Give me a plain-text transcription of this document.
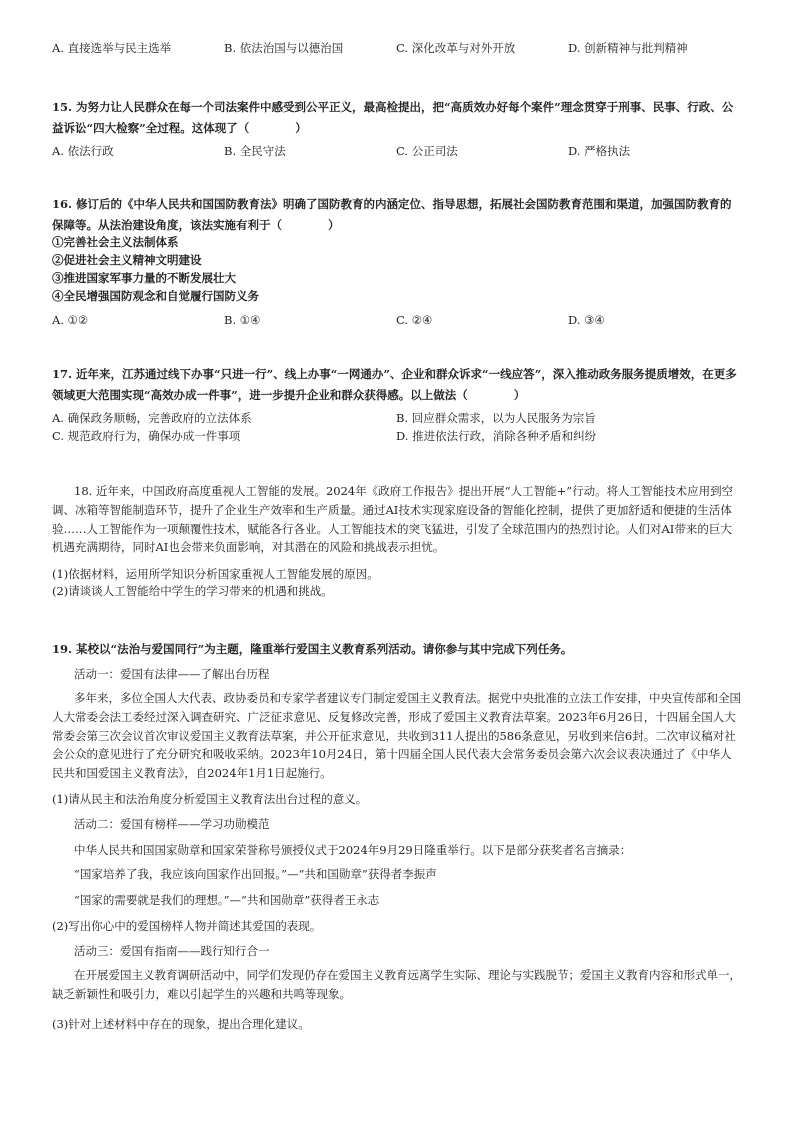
A. 直接选举与民主选举	B. 依法治国与以德治国	C. 深化改革与对外开放	D. 创新精神与批判精神
15. 为努力让人民群众在每一个司法案件中感受到公平正义，最高检提出，把“高质效办好每个案件”理念贯穿于刑事、民事、行政、公益诉讼“四大检察”全过程。这体现了（　　　　）
A. 依法行政	B. 全民守法	C. 公正司法	D. 严格执法
16. 修订后的《中华人民共和国国防教育法》明确了国防教育的内涵定位、指导思想，拓展社会国防教育范围和渠道，加强国防教育的保障等。从法治建设角度，该法实施有利于（　　　　）
①完善社会主义法制体系
②促进社会主义精神文明建设
③推进国家军事力量的不断发展壮大
④全民增强国防观念和自觉履行国防义务
A. ①②	B. ①④	C. ②④	D. ③④
17. 近年来，江苏通过线下办事“只进一行”、线上办事“一网通办”、企业和群众诉求“一线应答”，深入推动政务服务提质增效，在更多领域更大范围实现“高效办成一件事”，进一步提升企业和群众获得感。以上做法（　　　　）
A. 确保政务顺畅，完善政府的立法体系	B. 回应群众需求，以为人民服务为宗旨
C. 规范政府行为，确保办成一件事项	D. 推进依法行政，消除各种矛盾和纠纷
18. 近年来，中国政府高度重视人工智能的发展。2024年《政府工作报告》提出开展“人工智能+”行动。将人工智能技术应用到空调、冰箱等智能制造环节，提升了企业生产效率和生产质量。通过AI技术实现家庭设备的智能化控制，提供了更加舒适和便捷的生活体验……人工智能作为一项颠覆性技术，赋能各行各业。人工智能技术的突飞猛进，引发了全球范围内的热烈讨论。人们对AI带来的巨大机遇充满期待，同时AI也会带来负面影响，对其潜在的风险和挑战表示担忧。
(1)依据材料，运用所学知识分析国家重视人工智能发展的原因。
(2)请谈谈人工智能给中学生的学习带来的机遇和挑战。
19. 某校以“法治与爱国同行”为主题，隆重举行爱国主义教育系列活动。请你参与其中完成下列任务。
活动一：爱国有法律——了解出台历程
多年来，多位全国人大代表、政协委员和专家学者建议专门制定爱国主义教育法。据党中央批准的立法工作安排，中央宣传部和全国人大常委会法工委经过深入调查研究、广泛征求意见、反复修改完善，形成了爱国主义教育法草案。2023年6月26日，十四届全国人大常委会第三次会议首次审议爱国主义教育法草案，并公开征求意见，共收到311人提出的586条意见，另收到来信6封。二次审议稿对社会公众的意见进行了充分研究和吸收采纳。2023年10月24日，第十四届全国人民代表大会常务委员会第六次会议表决通过了《中华人民共和国爱国主义教育法》，自2024年1月1日起施行。
(1)请从民主和法治角度分析爱国主义教育法出台过程的意义。
活动二：爱国有榜样——学习功勋模范
中华人民共和国国家勋章和国家荣誉称号颁授仪式于2024年9月29日隆重举行。以下是部分获奖者名言摘录：
“国家培养了我，我应该向国家作出回报。”—“共和国勋章”获得者李振声
“国家的需要就是我们的理想。”—“共和国勋章”获得者王永志
(2)写出你心中的爱国榜样人物并简述其爱国的表现。
活动三：爱国有指南——践行知行合一
在开展爱国主义教育调研活动中，同学们发现仍存在爱国主义教育远离学生实际、理论与实践脱节；爱国主义教育内容和形式单一，缺乏新颖性和吸引力，难以引起学生的兴趣和共鸣等现象。
(3)针对上述材料中存在的现象，提出合理化建议。
